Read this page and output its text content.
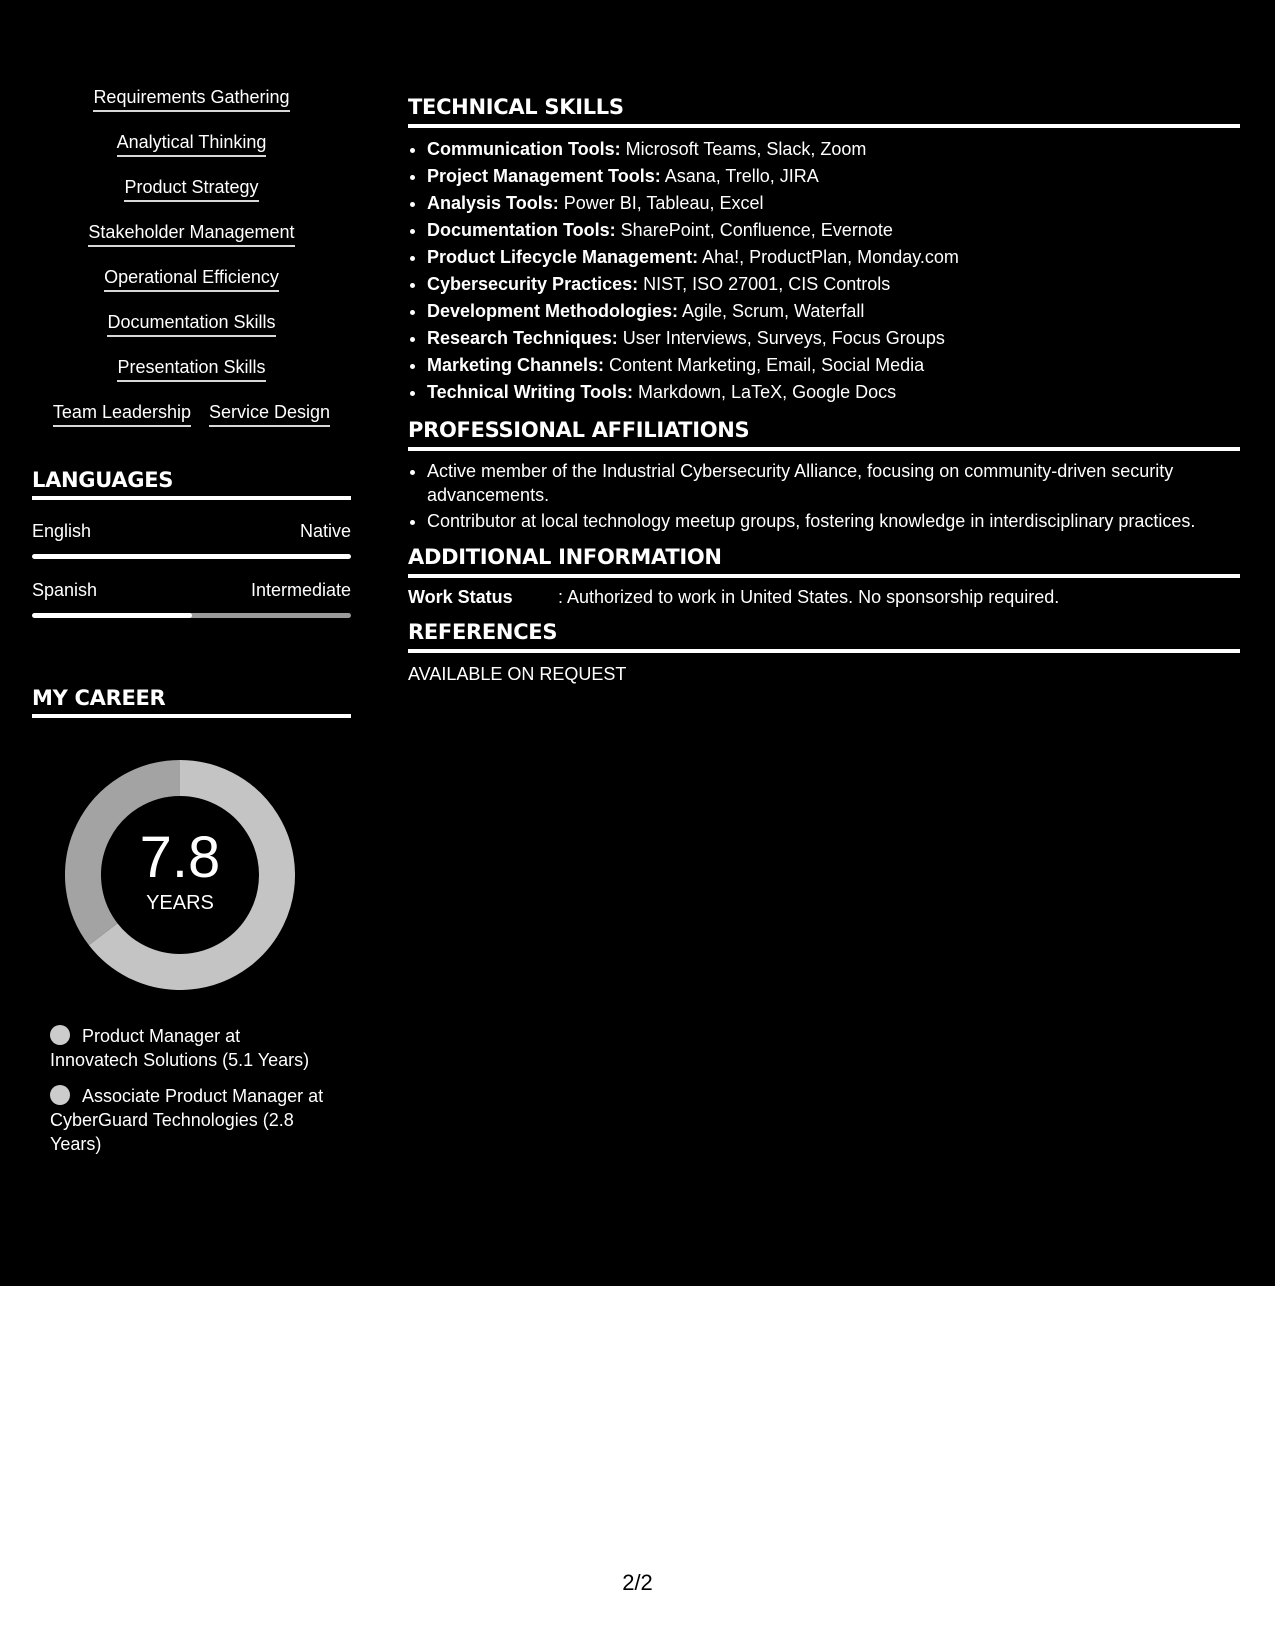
Requirements Gathering
Analytical Thinking
Product Strategy
Stakeholder Management
Operational Efficiency
Documentation Skills
Presentation Skills
Team Leadership Service Design
LANGUAGES
English	Native
Spanish	Intermediate
MY CAREER
7.8
YEARS
Product Manager at Innovatech Solutions (5.1 Years)
Associate Product Manager at CyberGuard Technologies (2.8 Years)
TECHNICAL SKILLS
• Communication Tools: Microsoft Teams, Slack, Zoom
• Project Management Tools: Asana, Trello, JIRA
• Analysis Tools: Power BI, Tableau, Excel
• Documentation Tools: SharePoint, Confluence, Evernote
• Product Lifecycle Management: Aha!, ProductPlan, Monday.com
• Cybersecurity Practices: NIST, ISO 27001, CIS Controls
• Development Methodologies: Agile, Scrum, Waterfall
• Research Techniques: User Interviews, Surveys, Focus Groups
• Marketing Channels: Content Marketing, Email, Social Media
• Technical Writing Tools: Markdown, LaTeX, Google Docs
PROFESSIONAL AFFILIATIONS
• Active member of the Industrial Cybersecurity Alliance, focusing on community-driven security advancements.
• Contributor at local technology meetup groups, fostering knowledge in interdisciplinary practices.
ADDITIONAL INFORMATION
Work Status	: Authorized to work in United States. No sponsorship required.
REFERENCES
AVAILABLE ON REQUEST
2/2
